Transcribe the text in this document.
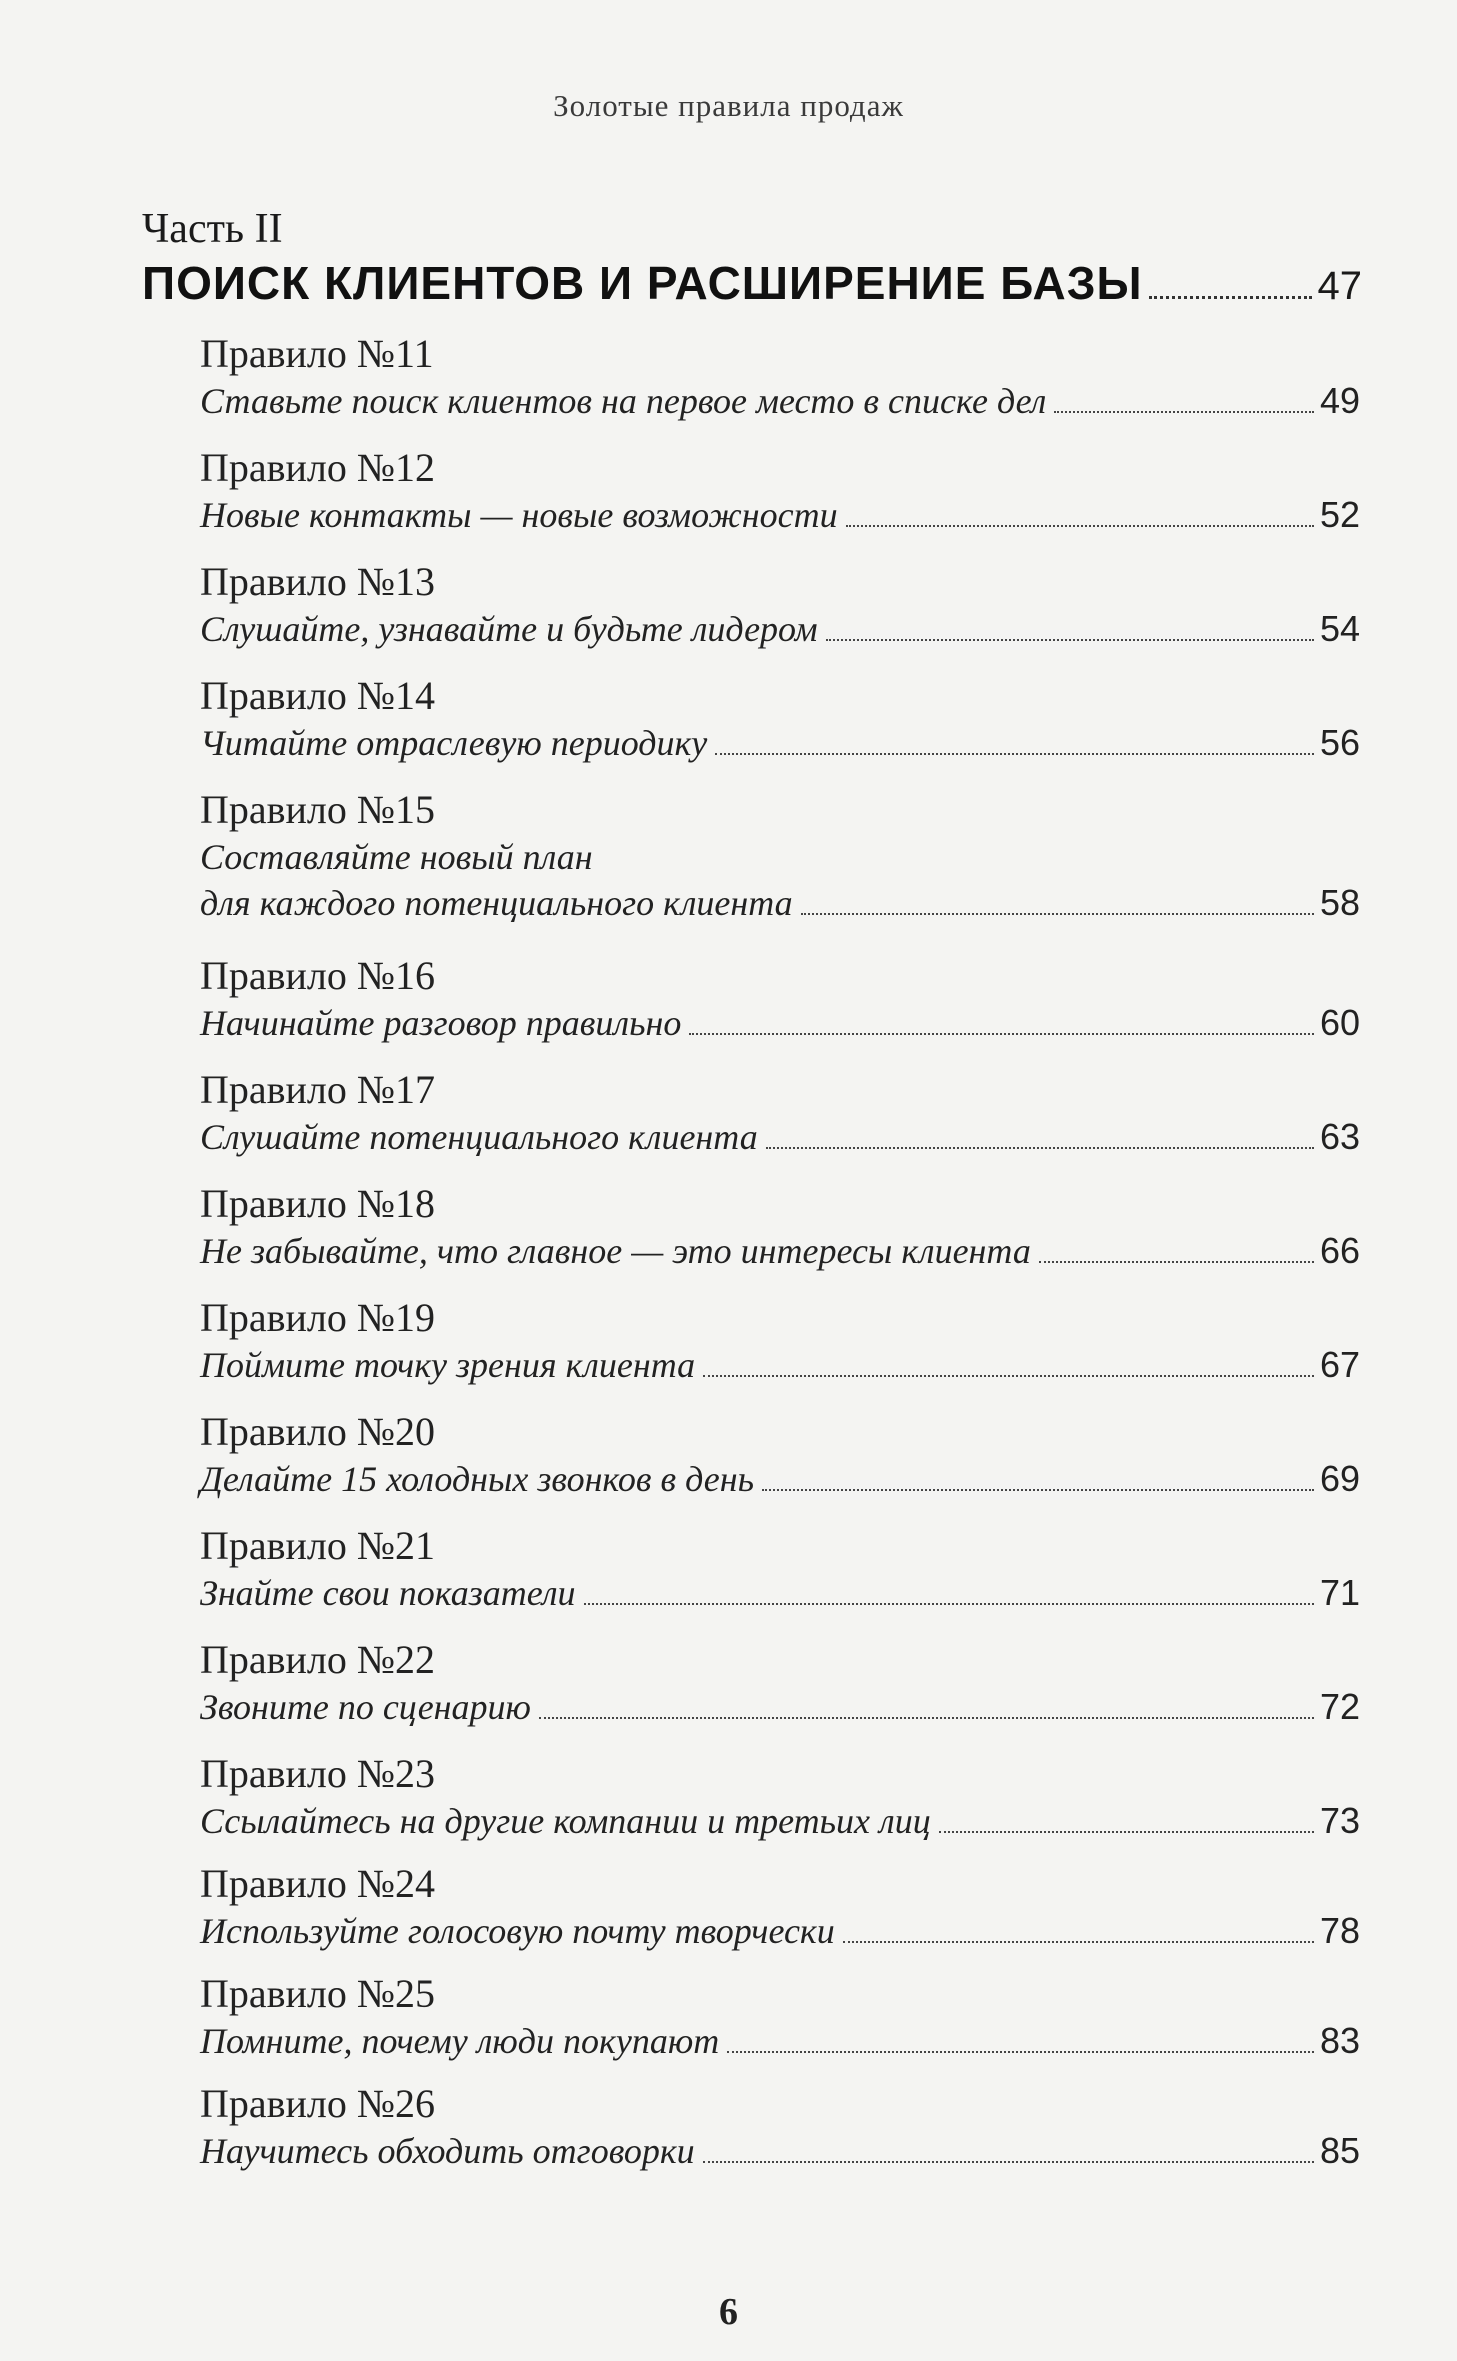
Золотые правила продаж
Часть II
ПОИСК КЛИЕНТОВ И РАСШИРЕНИЕ БАЗЫ	47
Правило №11
Ставьте поиск клиентов на первое место в списке дел	49
Правило №12
Новые контакты — новые возможности	52
Правило №13
Слушайте, узнавайте и будьте лидером	54
Правило №14
Читайте отраслевую периодику	56
Правило №15
Составляйте новый план
для каждого потенциального клиента	58
Правило №16
Начинайте разговор правильно	60
Правило №17
Слушайте потенциального клиента	63
Правило №18
Не забывайте, что главное — это интересы клиента	66
Правило №19
Поймите точку зрения клиента	67
Правило №20
Делайте 15 холодных звонков в день	69
Правило №21
Знайте свои показатели	71
Правило №22
Звоните по сценарию	72
Правило №23
Ссылайтесь на другие компании и третьих лиц	73
Правило №24
Используйте голосовую почту творчески	78
Правило №25
Помните, почему люди покупают	83
Правило №26
Научитесь обходить отговорки	85
6
